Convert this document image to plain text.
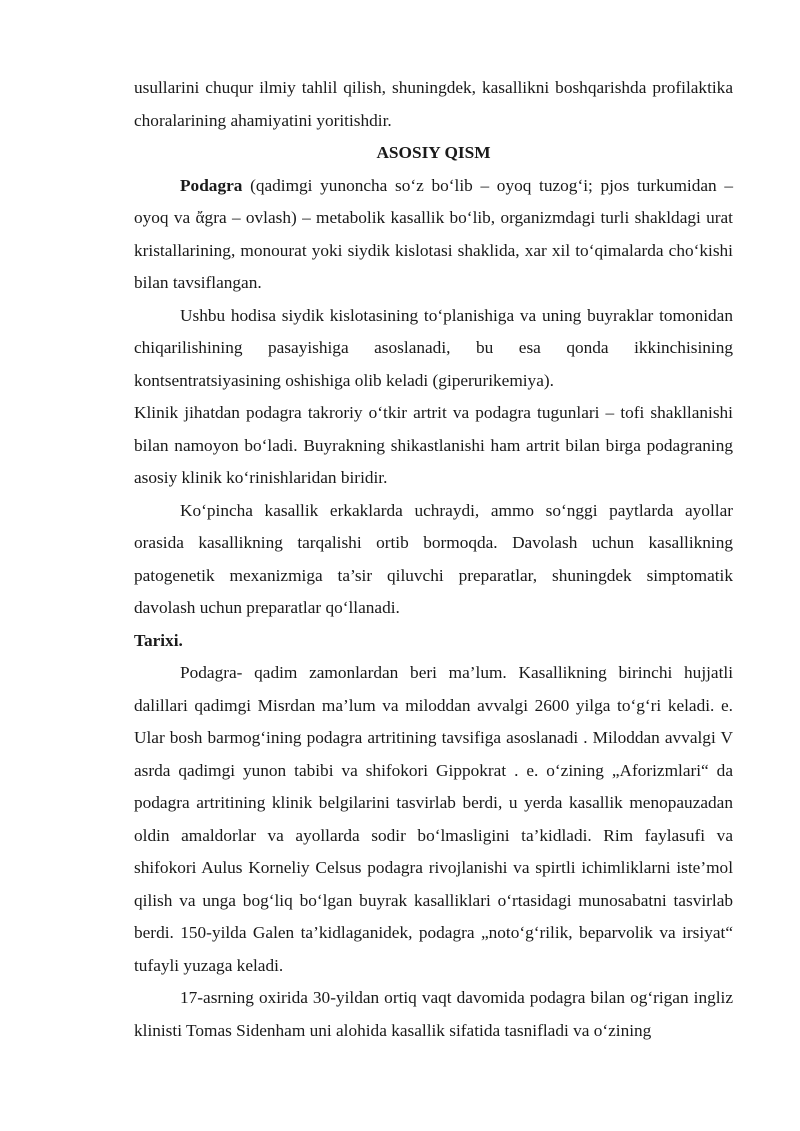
usullarini chuqur ilmiy tahlil qilish, shuningdek, kasallikni boshqarishda profilaktika choralarining ahamiyatini yoritishdir.

ASOSIY QISM

Podagra (qadimgi yunoncha so‘z bo‘lib – oyoq tuzog‘i; pjos turkumidan – oyoq va ἄgra – ovlash) – metabolik kasallik bo‘lib, organizmdagi turli shakldagi urat kristallarining, monourat yoki siydik kislotasi shaklida, xar xil to‘qimalarda cho‘kishi bilan tavsiflangan.

Ushbu hodisa siydik kislotasining to‘planishiga va uning buyraklar tomonidan chiqarilishining pasayishiga asoslanadi, bu esa qonda ikkinchisining kontsentratsiyasining oshishiga olib keladi (giperurikemiya).

Klinik jihatdan podagra takroriy o‘tkir artrit va podagra tugunlari – tofi shakllanishi bilan namoyon bo‘ladi. Buyrakning shikastlanishi ham artrit bilan birga podagraning asosiy klinik ko‘rinishlaridan biridir.

Ko‘pincha kasallik erkaklarda uchraydi, ammo so‘nggi paytlarda ayollar orasida kasallikning tarqalishi ortib bormoqda. Davolash uchun kasallikning patogenetik mexanizmiga ta’sir qiluvchi preparatlar, shuningdek simptomatik davolash uchun preparatlar qo‘llanadi.

Tarixi.

Podagra- qadim zamonlardan beri ma’lum. Kasallikning birinchi hujjatli dalillari qadimgi Misrdan ma’lum va miloddan avvalgi 2600 yilga to‘g‘ri keladi. e. Ular bosh barmog‘ining podagra artritining tavsifiga asoslanadi . Miloddan avvalgi V asrda qadimgi yunon tabibi va shifokori Gippokrat . e. o‘zining „Aforizmlari“ da podagra artritining klinik belgilarini tasvirlab berdi, u yerda kasallik menopauzadan oldin amaldorlar va ayollarda sodir bo‘lmasligini ta’kidladi. Rim faylasufi va shifokori Aulus Korneliy Celsus podagra rivojlanishi va spirtli ichimliklarni iste’mol qilish va unga bog‘liq bo‘lgan buyrak kasalliklari o‘rtasidagi munosabatni tasvirlab berdi. 150-yilda Galen ta’kidlaganidek, podagra „noto‘g‘rilik, beparvolik va irsiyat“ tufayli yuzaga keladi.

17-asrning oxirida 30-yildan ortiq vaqt davomida podagra bilan og‘rigan ingliz klinisti Tomas Sidenham uni alohida kasallik sifatida tasnifladi va o‘zining
